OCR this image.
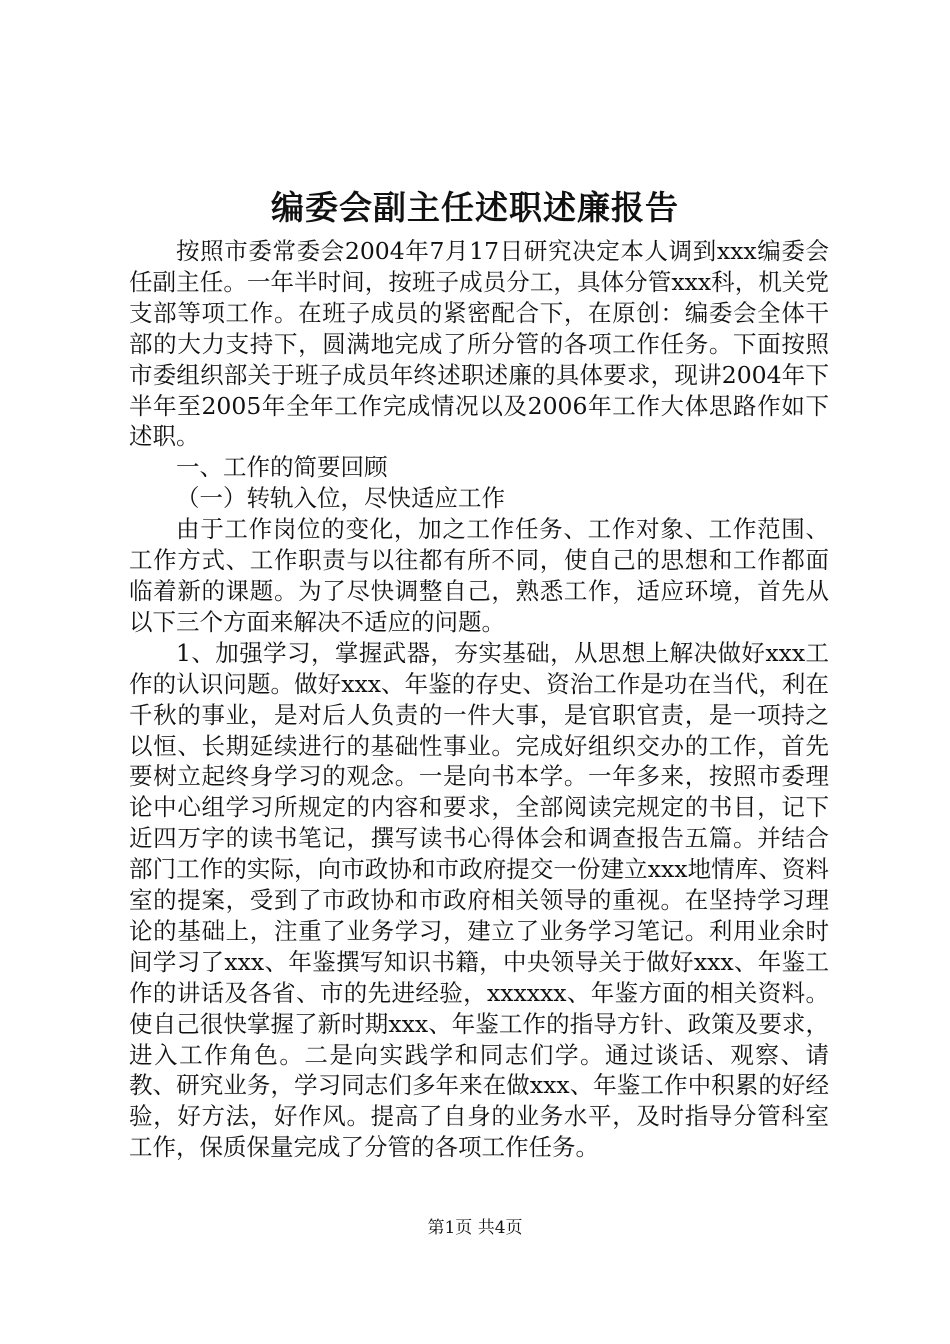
编委会副主任述职述廉报告

按照市委常委会2004年7月17日研究决定本人调到xxx编委会任副主任。一年半时间，按班子成员分工，具体分管xxx科，机关党支部等项工作。在班子成员的紧密配合下，在原创：编委会全体干部的大力支持下，圆满地完成了所分管的各项工作任务。下面按照市委组织部关于班子成员年终述职述廉的具体要求，现讲2004年下半年至2005年全年工作完成情况以及2006年工作大体思路作如下述职。

一、工作的简要回顾

（一）转轨入位，尽快适应工作

由于工作岗位的变化，加之工作任务、工作对象、工作范围、工作方式、工作职责与以往都有所不同，使自己的思想和工作都面临着新的课题。为了尽快调整自己，熟悉工作，适应环境，首先从以下三个方面来解决不适应的问题。

1、加强学习，掌握武器，夯实基础，从思想上解决做好xxx工作的认识问题。做好xxx、年鉴的存史、资治工作是功在当代，利在千秋的事业，是对后人负责的一件大事，是官职官责，是一项持之以恒、长期延续进行的基础性事业。完成好组织交办的工作，首先要树立起终身学习的观念。一是向书本学。一年多来，按照市委理论中心组学习所规定的内容和要求，全部阅读完规定的书目，记下近四万字的读书笔记，撰写读书心得体会和调查报告五篇。并结合部门工作的实际，向市政协和市政府提交一份建立xxx地情库、资料室的提案，受到了市政协和市政府相关领导的重视。在坚持学习理论的基础上，注重了业务学习，建立了业务学习笔记。利用业余时间学习了xxx、年鉴撰写知识书籍，中央领导关于做好xxx、年鉴工作的讲话及各省、市的先进经验，xxxxxx、年鉴方面的相关资料。使自己很快掌握了新时期xxx、年鉴工作的指导方针、政策及要求，进入工作角色。二是向实践学和同志们学。通过谈话、观察、请教、研究业务，学习同志们多年来在做xxx、年鉴工作中积累的好经验，好方法，好作风。提高了自身的业务水平，及时指导分管科室工作，保质保量完成了分管的各项工作任务。

第1页 共4页
